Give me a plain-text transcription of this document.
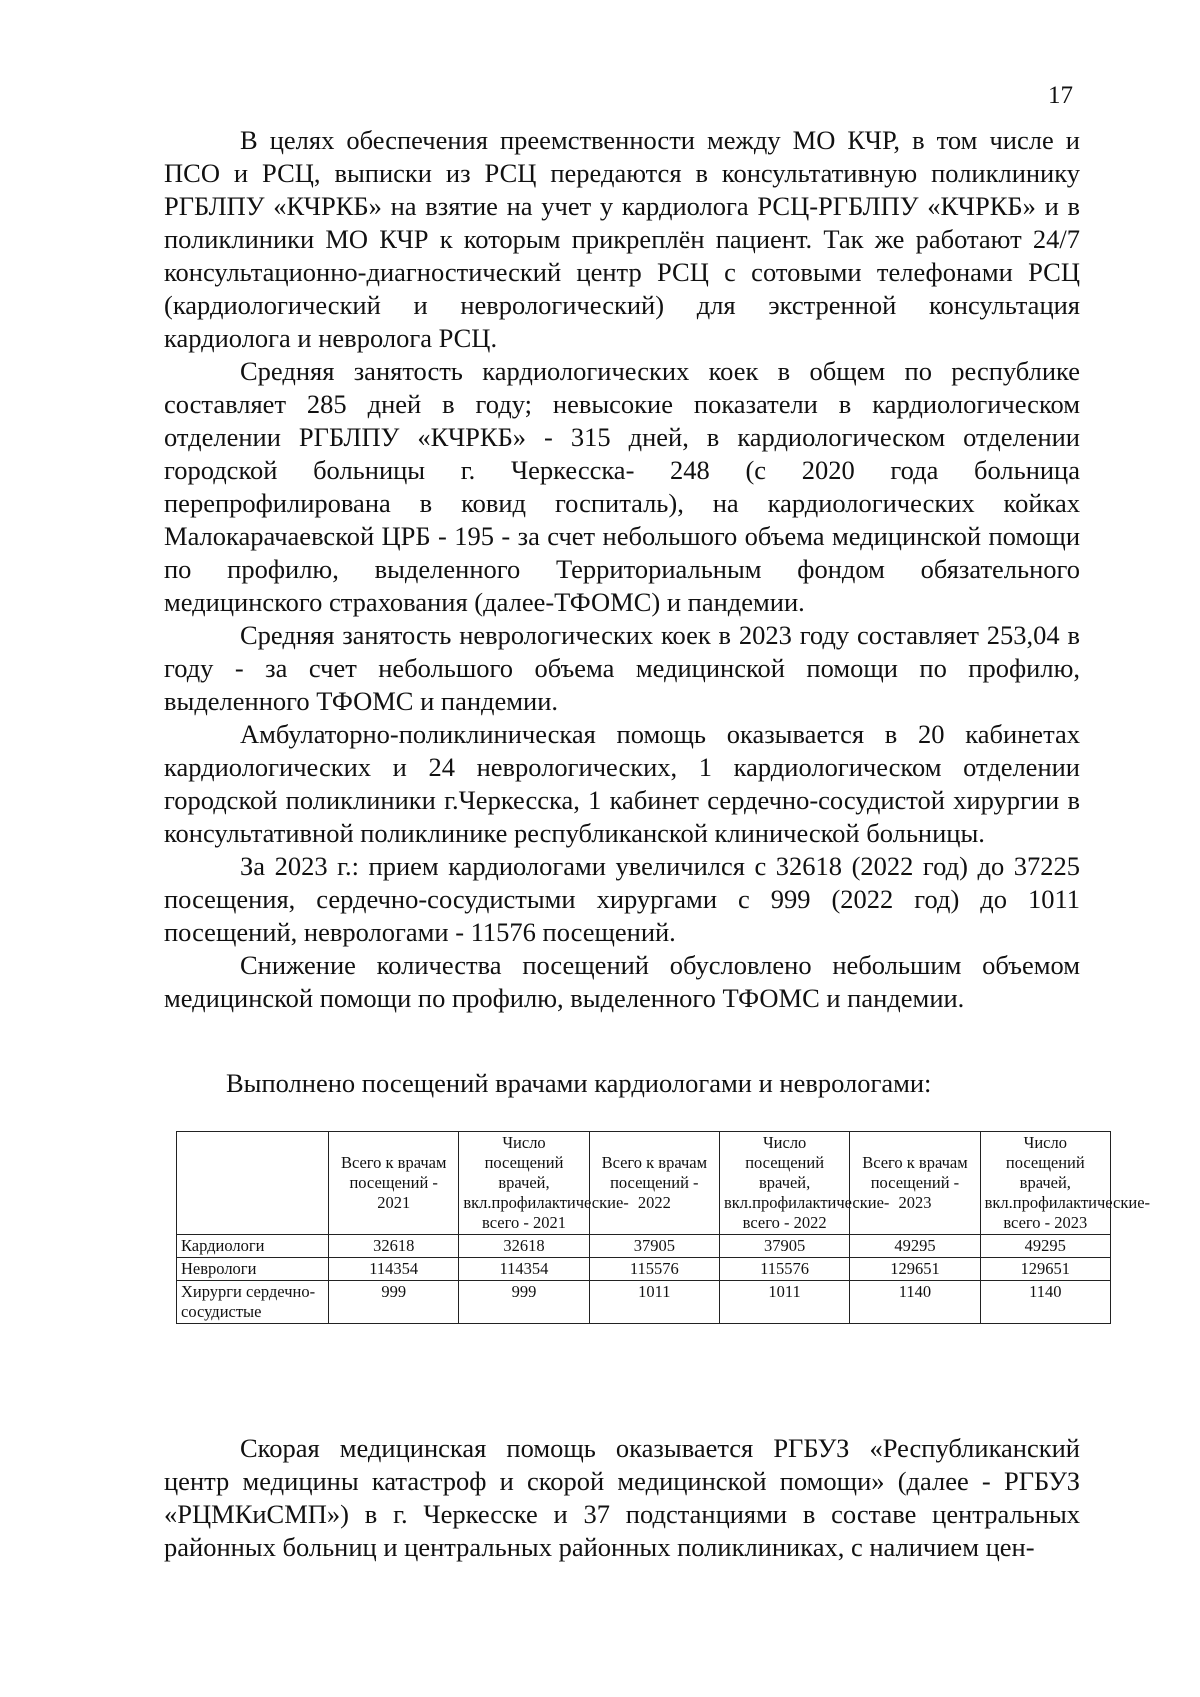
17

В целях обеспечения преемственности между МО КЧР, в том числе и ПСО и РСЦ, выписки из РСЦ передаются в консультативную поликлинику РГБЛПУ «КЧРКБ» на взятие на учет у кардиолога РСЦ-РГБЛПУ «КЧРКБ» и в поликлиники МО КЧР к которым прикреплён пациент. Так же работают 24/7 консультационно-диагностический центр РСЦ с сотовыми телефонами РСЦ (кардиологический и неврологический) для экстренной консультация кардиолога и невролога РСЦ.

Средняя занятость кардиологических коек в общем по республике составляет 285 дней в году; невысокие показатели в кардиологическом отделении РГБЛПУ «КЧРКБ» - 315 дней, в кардиологическом отделении городской больницы г. Черкесска- 248 (с 2020 года больница перепрофилирована в ковид госпиталь), на кардиологических койках Малокарачаевской ЦРБ - 195 - за счет небольшого объема медицинской помощи по профилю, выделенного Территориальным фондом обязательного медицинского страхования (далее-ТФОМС) и пандемии.

Средняя занятость неврологических коек в 2023 году составляет 253,04 в году - за счет небольшого объема медицинской помощи по профилю, выделенного ТФОМС и пандемии.

Амбулаторно-поликлиническая помощь оказывается в 20 кабинетах кардиологических и 24 неврологических, 1 кардиологическом отделении городской поликлиники г.Черкесска, 1 кабинет сердечно-сосудистой хирургии в консультативной поликлинике республиканской клинической больницы.

За 2023 г.: прием кардиологами увеличился с 32618 (2022 год) до 37225 посещения, сердечно-сосудистыми хирургами с 999 (2022 год) до 1011 посещений, неврологами - 11576 посещений.

Снижение количества посещений обусловлено небольшим объемом медицинской помощи по профилю, выделенного ТФОМС и пандемии.

Выполнено посещений врачами кардиологами и неврологами:
	Всего к врачам посещений - 2021	Число посещений врачей, вкл.профилактические- всего - 2021	Всего к врачам посещений - 2022	Число посещений врачей, вкл.профилактические-всего - 2022	Всего к врачам посещений - 2023	Число посещений врачей, вкл.профилактические-всего - 2023
Кардиологи	32618	32618	37905	37905	49295	49295
Неврологи	114354	114354	115576	115576	129651	129651
Хирурги сердечно-сосудистые	999	999	1011	1011	1140	1140

Скорая медицинская помощь оказывается РГБУЗ «Республиканский центр медицины катастроф и скорой медицинской помощи» (далее - РГБУЗ «РЦМКиСМП») в г. Черкесске и 37 подстанциями в составе центральных районных больниц и центральных районных поликлиниках, с наличием цен-
